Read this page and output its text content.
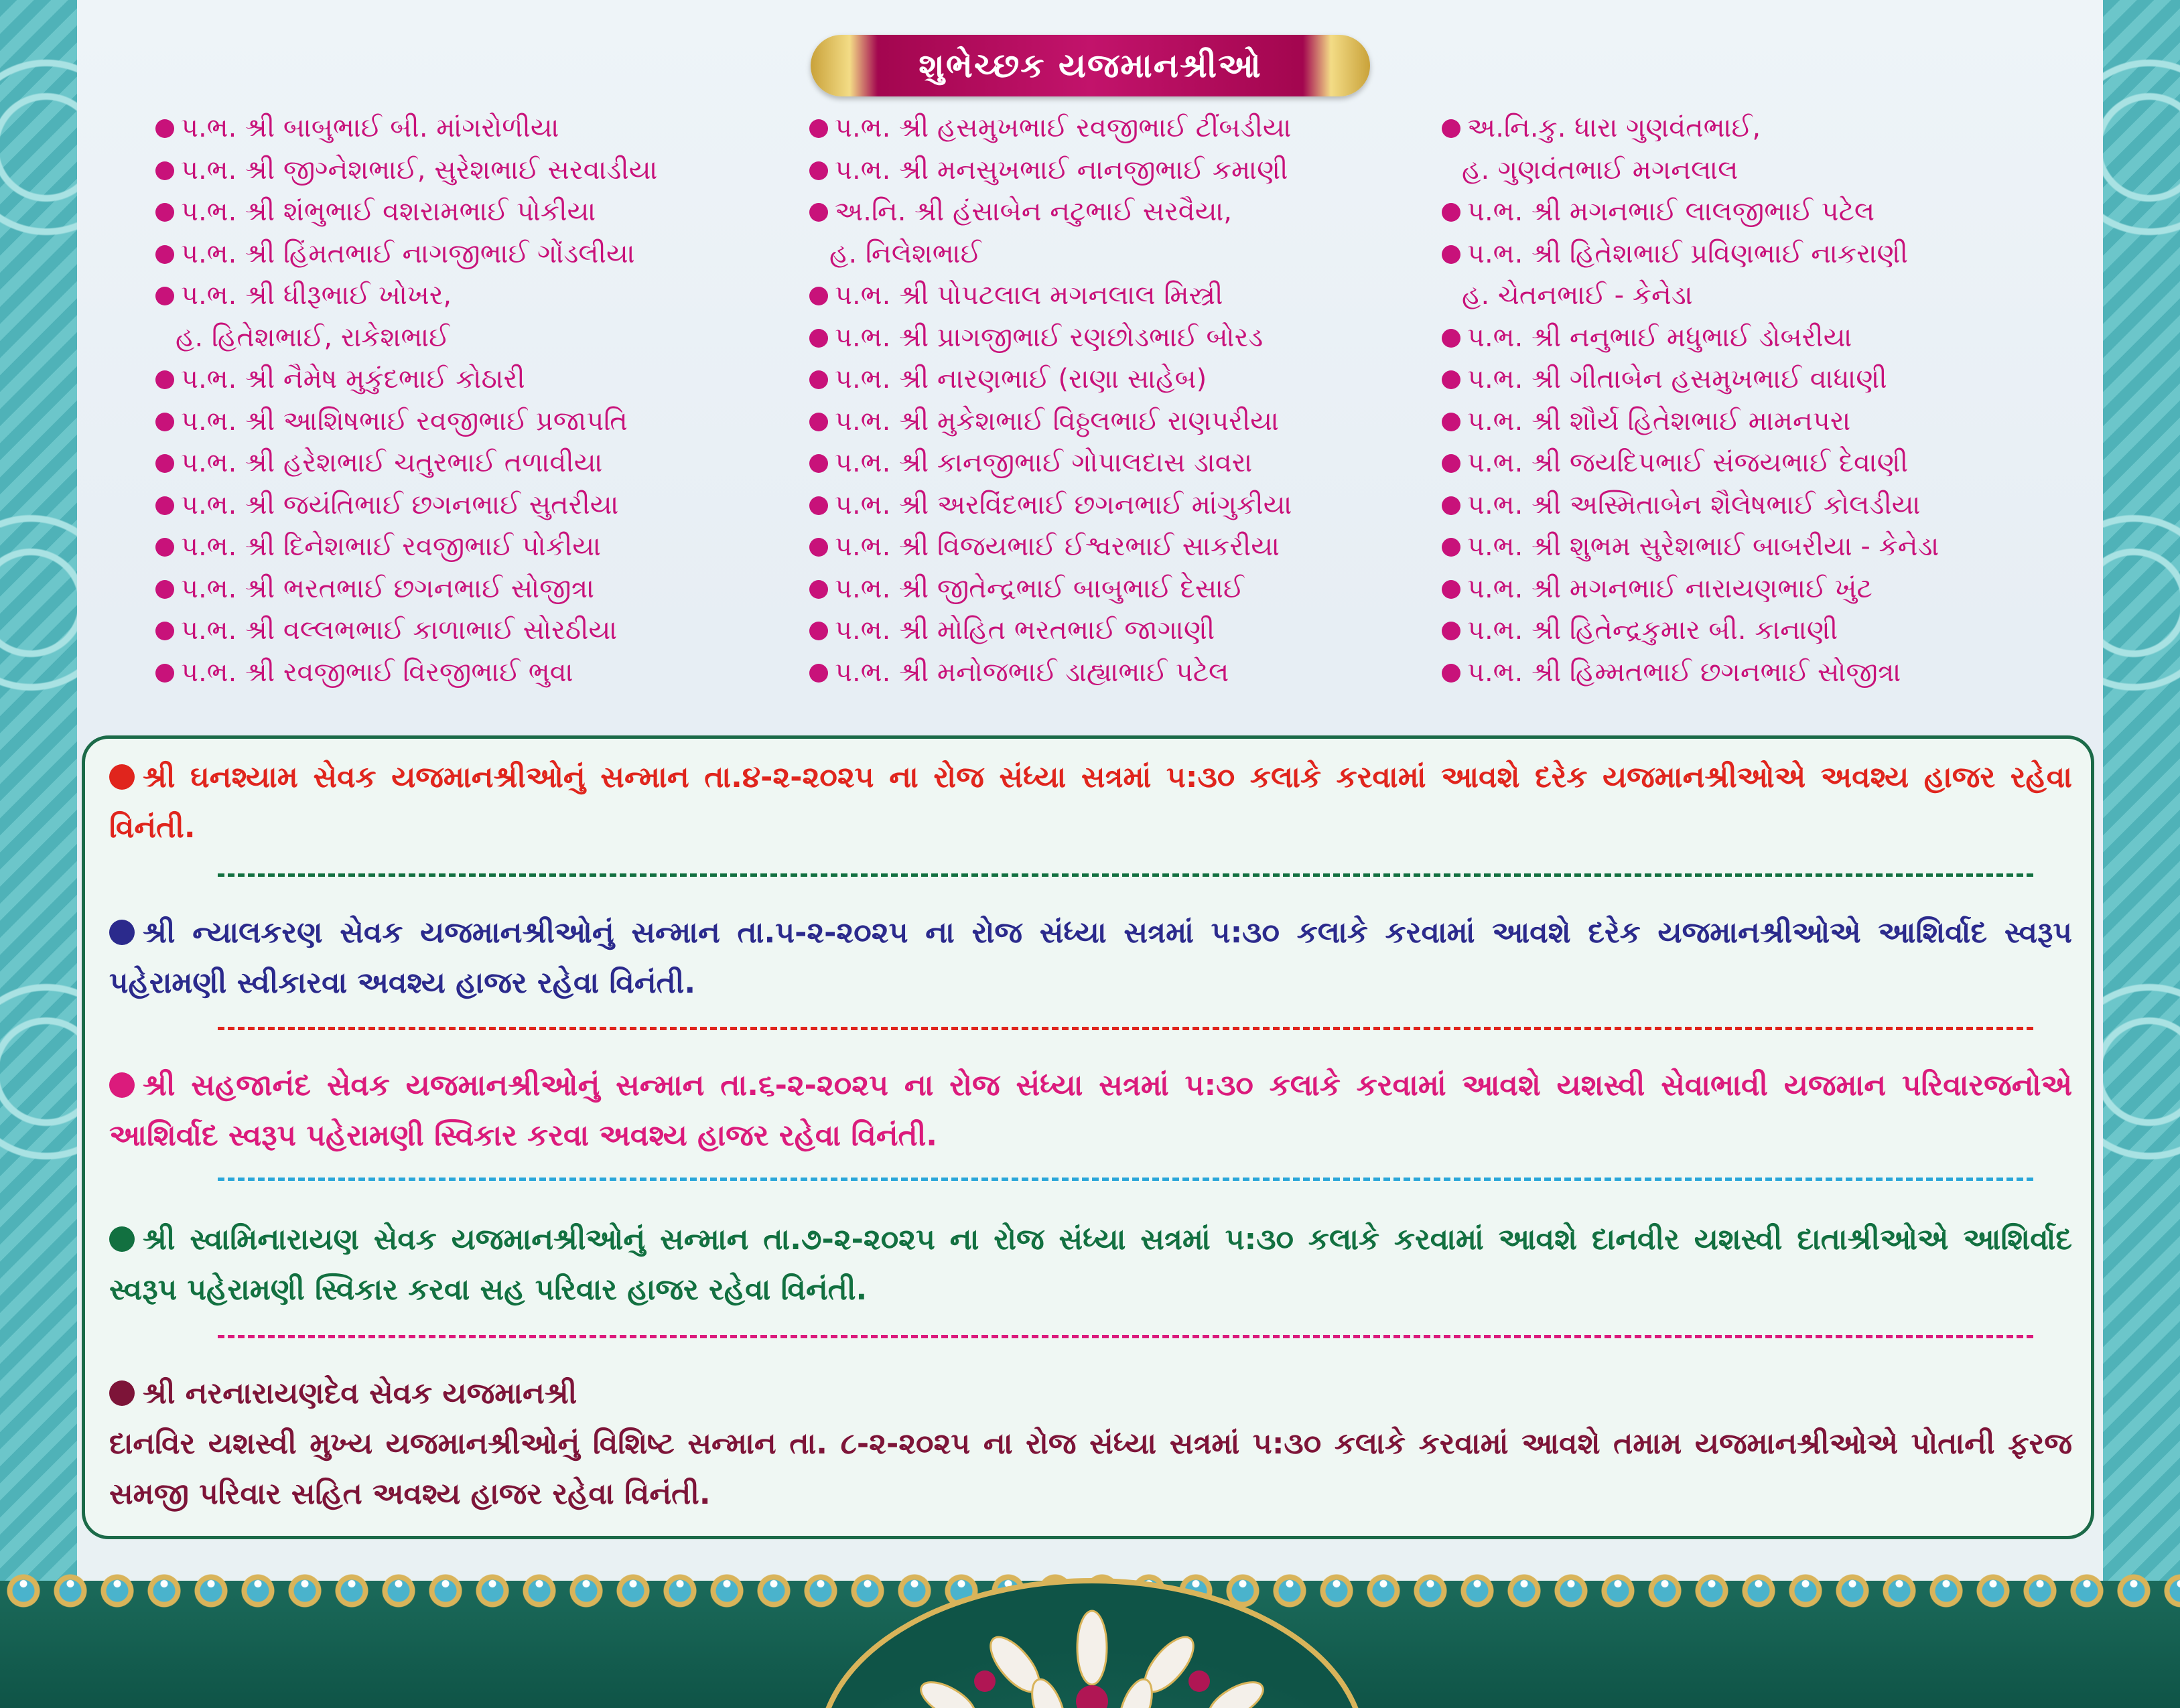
શુભેચ્છક યજમાનશ્રીઓ
પ.ભ. શ્રી બાબુભાઈ બી. માંગરોળીયા
પ.ભ. શ્રી જીગ્નેશભાઈ, સુરેશભાઈ સરવાડીયા
પ.ભ. શ્રી શંભુભાઈ વશરામભાઈ પોકીયા
પ.ભ. શ્રી હિંમતભાઈ નાગજીભાઈ ગોંડલીયા
પ.ભ. શ્રી ધીરૂભાઈ ખોખર,
હ. હિતેશભાઈ, રાકેશભાઈ
પ.ભ. શ્રી નૈમેષ મુકુંદભાઈ કોઠારી
પ.ભ. શ્રી આશિષભાઈ રવજીભાઈ પ્રજાપતિ
પ.ભ. શ્રી હરેશભાઈ ચતુરભાઈ તળાવીયા
પ.ભ. શ્રી જયંતિભાઈ છગનભાઈ સુતરીયા
પ.ભ. શ્રી દિનેશભાઈ રવજીભાઈ પોકીયા
પ.ભ. શ્રી ભરતભાઈ છગનભાઈ સોજીત્રા
પ.ભ. શ્રી વલ્લભભાઈ કાળાભાઈ સોરઠીયા
પ.ભ. શ્રી રવજીભાઈ વિરજીભાઈ ભુવા
પ.ભ. શ્રી હસમુખભાઈ રવજીભાઈ ટીંબડીયા
પ.ભ. શ્રી મનસુખભાઈ નાનજીભાઈ કમાણી
અ.નિ. શ્રી હંસાબેન નટુભાઈ સરવૈયા,
હ. નિલેશભાઈ
પ.ભ. શ્રી પોપટલાલ મગનલાલ મિસ્ત્રી
પ.ભ. શ્રી પ્રાગજીભાઈ રણછોડભાઈ બોરડ
પ.ભ. શ્રી નારણભાઈ (રાણા સાહેબ)
પ.ભ. શ્રી મુકેશભાઈ વિઠ્ઠલભાઈ રાણપરીયા
પ.ભ. શ્રી કાનજીભાઈ ગોપાલદાસ ડાવરા
પ.ભ. શ્રી અરવિંદભાઈ છગનભાઈ માંગુકીયા
પ.ભ. શ્રી વિજયભાઈ ઈશ્વરભાઈ સાકરીયા
પ.ભ. શ્રી જીતેન્દ્રભાઈ બાબુભાઈ દેસાઈ
પ.ભ. શ્રી મોહિત ભરતભાઈ જાગાણી
પ.ભ. શ્રી મનોજભાઈ ડાહ્યાભાઈ પટેલ
અ.નિ.કુ. ધારા ગુણવંતભાઈ,
હ. ગુણવંતભાઈ મગનલાલ
પ.ભ. શ્રી મગનભાઈ લાલજીભાઈ પટેલ
પ.ભ. શ્રી હિતેશભાઈ પ્રવિણભાઈ નાકરાણી
હ. ચેતનભાઈ - કેનેડા
પ.ભ. શ્રી નનુભાઈ મધુભાઈ ડોબરીયા
પ.ભ. શ્રી ગીતાબેન હસમુખભાઈ વાધાણી
પ.ભ. શ્રી શૌર્ય હિતેશભાઈ મામનપરા
પ.ભ. શ્રી જયદિપભાઈ સંજયભાઈ દેવાણી
પ.ભ. શ્રી અસ્મિતાબેન શૈલેષભાઈ કોલડીયા
પ.ભ. શ્રી શુભમ સુરેશભાઈ બાબરીયા - કેનેડા
પ.ભ. શ્રી મગનભાઈ નારાયણભાઈ ખુંટ
પ.ભ. શ્રી હિતેન્દ્રકુમાર બી. કાનાણી
પ.ભ. શ્રી હિમ્મતભાઈ છગનભાઈ સોજીત્રા
શ્રી ઘનશ્યામ સેવક યજમાનશ્રીઓનું સન્માન તા.૪-૨-૨૦૨૫ ના રોજ સંધ્યા સત્રમાં ૫:૩૦ કલાકે કરવામાં આવશે દરેક યજમાનશ્રીઓએ અવશ્ય હાજર રહેવા વિનંતી.
શ્રી ન્યાલકરણ સેવક યજમાનશ્રીઓનું સન્માન તા.૫-૨-૨૦૨૫ ના રોજ સંધ્યા સત્રમાં ૫:૩૦ કલાકે કરવામાં આવશે દરેક યજમાનશ્રીઓએ આશિર્વાદ સ્વરૂપ પહેરામણી સ્વીકારવા અવશ્ય હાજર રહેવા વિનંતી.
શ્રી સહજાનંદ સેવક યજમાનશ્રીઓનું સન્માન તા.૬-૨-૨૦૨૫ ના રોજ સંધ્યા સત્રમાં ૫:૩૦ કલાકે કરવામાં આવશે યશસ્વી સેવાભાવી યજમાન પરિવારજનોએ આશિર્વાદ સ્વરૂપ પહેરામણી સ્વિકાર કરવા અવશ્ય હાજર રહેવા વિનંતી.
શ્રી સ્વામિનારાયણ સેવક યજમાનશ્રીઓનું સન્માન તા.૭-૨-૨૦૨૫ ના રોજ સંધ્યા સત્રમાં ૫:૩૦ કલાકે કરવામાં આવશે દાનવીર યશસ્વી દાતાશ્રીઓએ આશિર્વાદ સ્વરૂપ પહેરામણી સ્વિકાર કરવા સહ પરિવાર હાજર રહેવા વિનંતી.
શ્રી નરનારાયણદેવ સેવક યજમાનશ્રી
દાનવિર યશસ્વી મુખ્ય યજમાનશ્રીઓનું વિશિષ્ટ સન્માન તા. ૮-૨-૨૦૨૫ ના રોજ સંધ્યા સત્રમાં ૫:૩૦ કલાકે કરવામાં આવશે તમામ યજમાનશ્રીઓએ પોતાની ફરજ સમજી પરિવાર સહિત અવશ્ય હાજર રહેવા વિનંતી.
